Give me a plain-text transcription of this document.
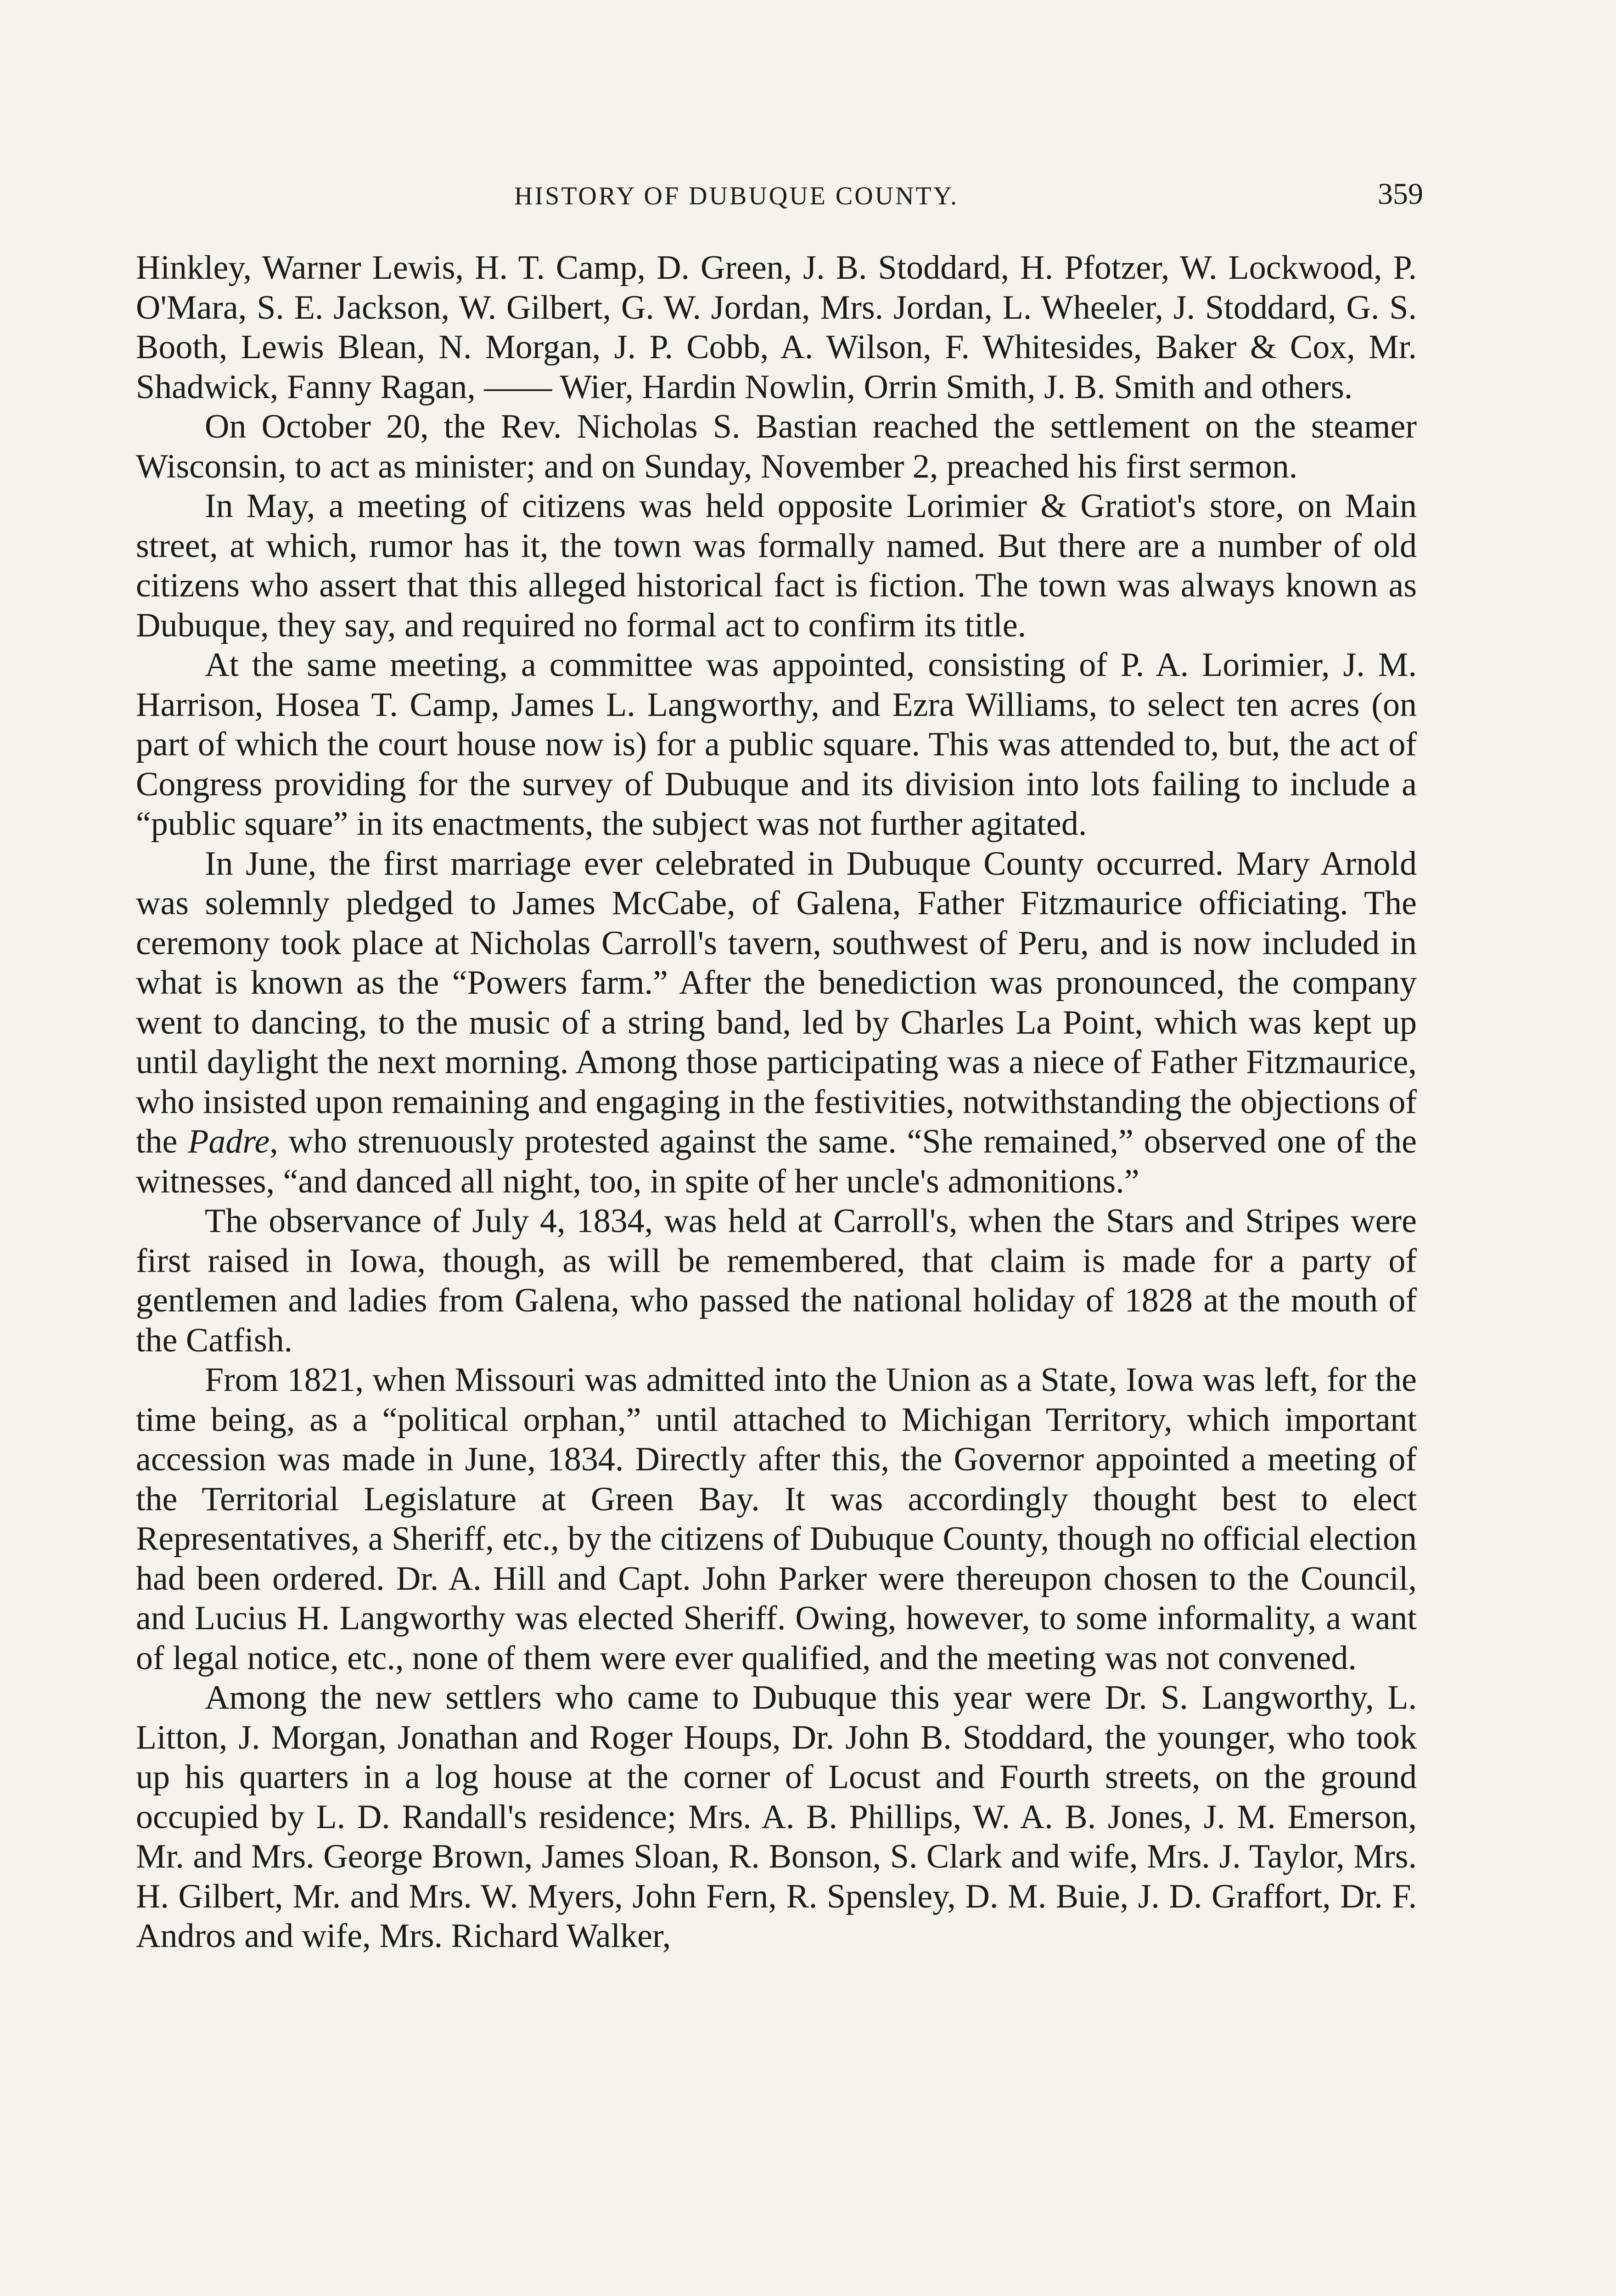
HISTORY OF DUBUQUE COUNTY.	359

Hinkley, Warner Lewis, H. T. Camp, D. Green, J. B. Stoddard, H. Pfotzer, W. Lockwood, P. O'Mara, S. E. Jackson, W. Gilbert, G. W. Jordan, Mrs. Jordan, L. Wheeler, J. Stoddard, G. S. Booth, Lewis Blean, N. Morgan, J. P. Cobb, A. Wilson, F. Whitesides, Baker & Cox, Mr. Shadwick, Fanny Ragan, —— Wier, Hardin Nowlin, Orrin Smith, J. B. Smith and others.

On October 20, the Rev. Nicholas S. Bastian reached the settlement on the steamer Wisconsin, to act as minister; and on Sunday, November 2, preached his first sermon.

In May, a meeting of citizens was held opposite Lorimier & Gratiot's store, on Main street, at which, rumor has it, the town was formally named. But there are a number of old citizens who assert that this alleged historical fact is fiction. The town was always known as Dubuque, they say, and required no formal act to confirm its title.

At the same meeting, a committee was appointed, consisting of P. A. Lorimier, J. M. Harrison, Hosea T. Camp, James L. Langworthy, and Ezra Williams, to select ten acres (on part of which the court house now is) for a public square. This was attended to, but, the act of Congress providing for the survey of Dubuque and its division into lots failing to include a “public square” in its enactments, the subject was not further agitated.

In June, the first marriage ever celebrated in Dubuque County occurred. Mary Arnold was solemnly pledged to James McCabe, of Galena, Father Fitzmaurice officiating. The ceremony took place at Nicholas Carroll's tavern, southwest of Peru, and is now included in what is known as the “Powers farm.” After the benediction was pronounced, the company went to dancing, to the music of a string band, led by Charles La Point, which was kept up until daylight the next morning. Among those participating was a niece of Father Fitzmaurice, who insisted upon remaining and engaging in the festivities, notwithstanding the objections of the Padre, who strenuously protested against the same. “She remained,” observed one of the witnesses, “and danced all night, too, in spite of her uncle's admonitions.”

The observance of July 4, 1834, was held at Carroll's, when the Stars and Stripes were first raised in Iowa, though, as will be remembered, that claim is made for a party of gentlemen and ladies from Galena, who passed the national holiday of 1828 at the mouth of the Catfish.

From 1821, when Missouri was admitted into the Union as a State, Iowa was left, for the time being, as a “political orphan,” until attached to Michigan Territory, which important accession was made in June, 1834. Directly after this, the Governor appointed a meeting of the Territorial Legislature at Green Bay. It was accordingly thought best to elect Representatives, a Sheriff, etc., by the citizens of Dubuque County, though no official election had been ordered. Dr. A. Hill and Capt. John Parker were thereupon chosen to the Council, and Lucius H. Langworthy was elected Sheriff. Owing, however, to some informality, a want of legal notice, etc., none of them were ever qualified, and the meeting was not convened.

Among the new settlers who came to Dubuque this year were Dr. S. Langworthy, L. Litton, J. Morgan, Jonathan and Roger Houps, Dr. John B. Stoddard, the younger, who took up his quarters in a log house at the corner of Locust and Fourth streets, on the ground occupied by L. D. Randall's residence; Mrs. A. B. Phillips, W. A. B. Jones, J. M. Emerson, Mr. and Mrs. George Brown, James Sloan, R. Bonson, S. Clark and wife, Mrs. J. Taylor, Mrs. H. Gilbert, Mr. and Mrs. W. Myers, John Fern, R. Spensley, D. M. Buie, J. D. Graffort, Dr. F. Andros and wife, Mrs. Richard Walker,
